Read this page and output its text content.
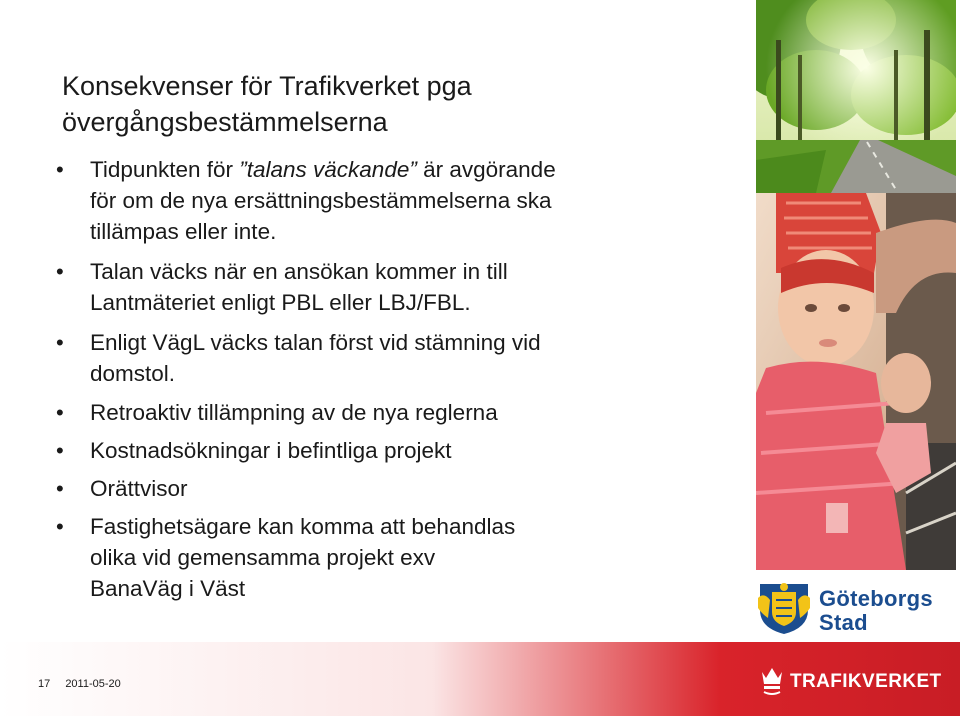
Konsekvenser för Trafikverket pga
övergångsbestämmelserna
•	Tidpunkten för ”talans väckande” är avgörande
för om de nya ersättningsbestämmelserna ska
tillämpas eller inte.
•	Talan väcks när en ansökan kommer in till
Lantmäteriet enligt PBL eller LBJ/FBL.
•	Enligt VägL väcks talan först vid stämning vid
domstol.
•	Retroaktiv tillämpning av de nya reglerna
•	Kostnadsökningar i befintliga projekt
•	Orättvisor
•	Fastighetsägare kan komma att behandlas
olika vid gemensamma projekt exv
BanaVäg i Väst	Göteborgs
Stad
17 2011-05-20	TRAFIKVERKET
